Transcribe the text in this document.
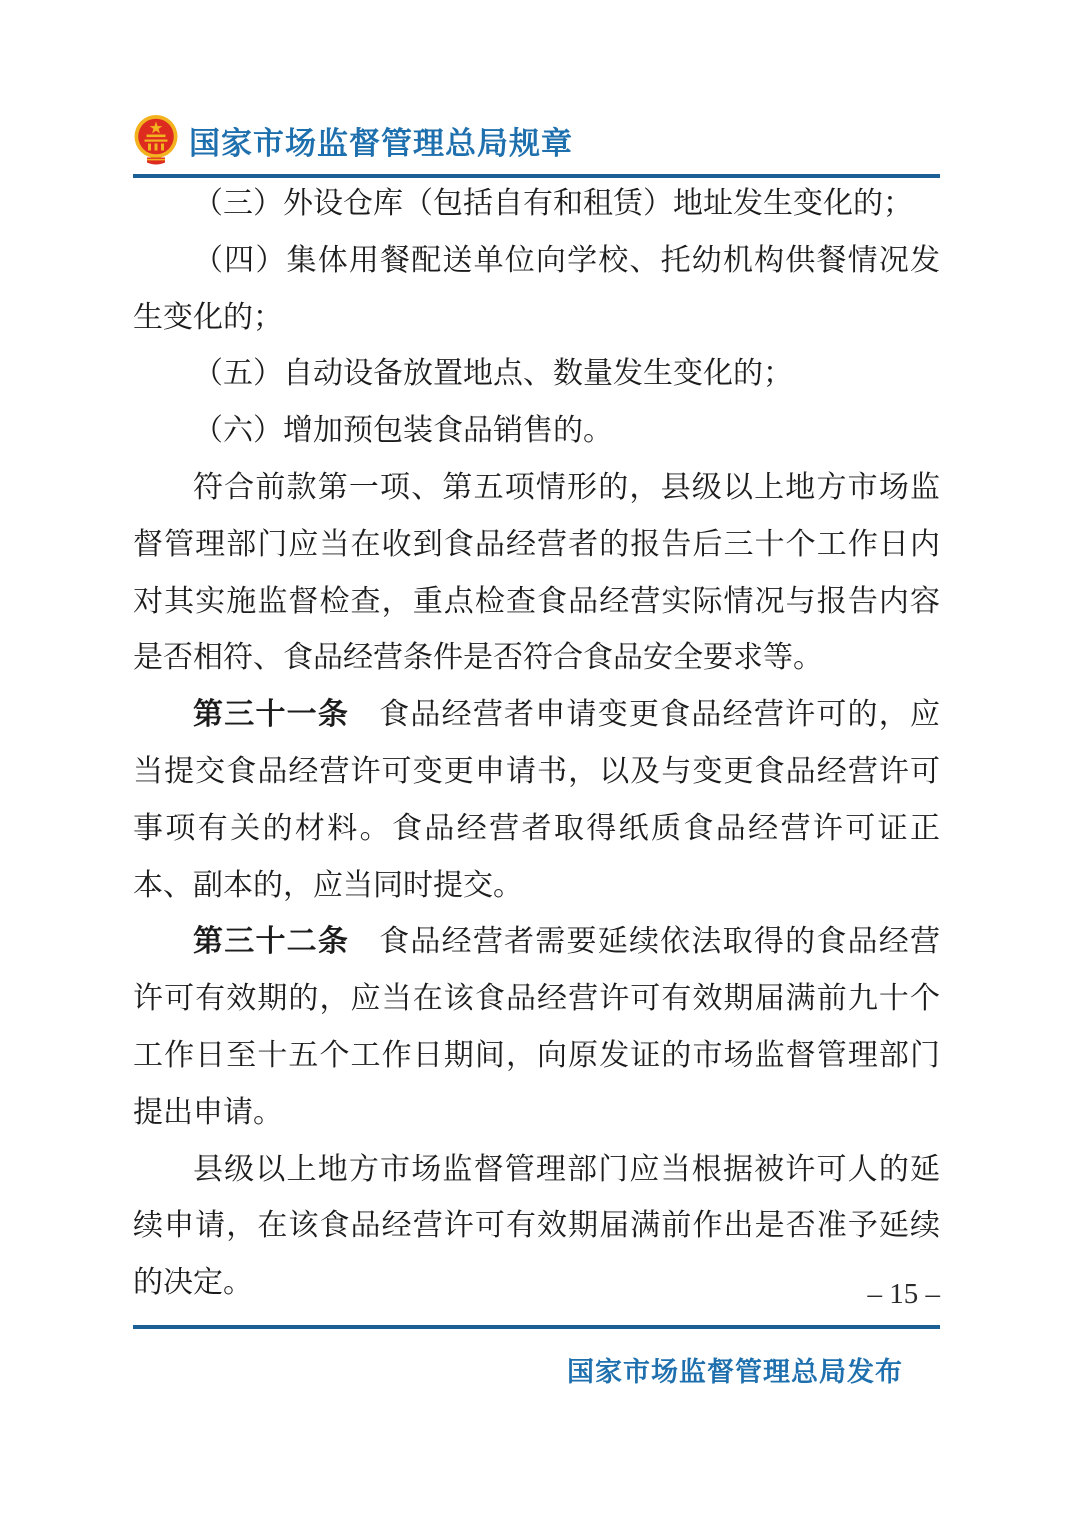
国家市场监督管理总局规章

（三）外设仓库（包括自有和租赁）地址发生变化的；

（四）集体用餐配送单位向学校、托幼机构供餐情况发生变化的；

（五）自动设备放置地点、数量发生变化的；

（六）增加预包装食品销售的。

符合前款第一项、第五项情形的，县级以上地方市场监督管理部门应当在收到食品经营者的报告后三十个工作日内对其实施监督检查，重点检查食品经营实际情况与报告内容是否相符、食品经营条件是否符合食品安全要求等。

第三十一条 食品经营者申请变更食品经营许可的，应当提交食品经营许可变更申请书，以及与变更食品经营许可事项有关的材料。食品经营者取得纸质食品经营许可证正本、副本的，应当同时提交。

第三十二条 食品经营者需要延续依法取得的食品经营许可有效期的，应当在该食品经营许可有效期届满前九十个工作日至十五个工作日期间，向原发证的市场监督管理部门提出申请。

县级以上地方市场监督管理部门应当根据被许可人的延续申请，在该食品经营许可有效期届满前作出是否准予延续的决定。	– 15 –
国家市场监督管理总局发布
